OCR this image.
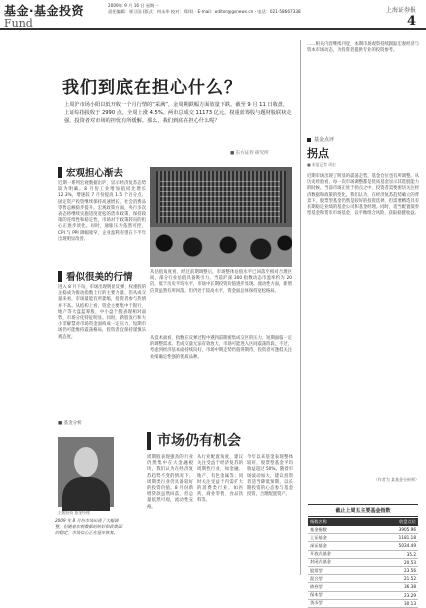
基金·基金投资
Fund
2009年 9 月 16 日 星期一
责任编辑：崔卫国 (版式：何永华 校对：郑玮) · E-mail：editor@gsnews.cn · 电话：021-58667338	上海证券报
4
我们到底在担心什么？
上周沪市场小阳以低开收一个月行情的“采满”，金周期跌幅方面放量下跌。截至 9 月 11 日收盘，上证综指报收于 2990 点，全周上涨 4.5%。两市总成交 11173 亿元，权重蓝筹股与题材股联袂走强，投资者对市场的担忧有所缓解。那么，我们到底在担心什么呢？
■ 东方证券 研究所
宏观担心渐去
近期一系列宏观数据出炉，显示经济复苏态势较为明确。8 月份工业增加值同比增长 12.3%，增速较 7 月份提高 1.5 个百分点；固定资产投资继续保持高速增长，社会消费品零售总额稳步提升。宏观政策方面，央行多次表态将继续实施适度宽松的货币政策，保持政策的连续性和稳定性，市场对于政策转向的担心正逐步淡化。同时，通胀压力依然可控，CPI 与 PPI 降幅收窄，企业盈利有望在下半年出现明显改善。
从估值角度看，经过前期调整后，市场整体估值水平已回落至相对合理区间，部分行业估值具备吸引力。当前沪深 300 指数动态市盈率约为 20 倍，低于历史平均水平，市场中长期投资价值逐步显现。流动性方面，新增信贷虽然有所回落，但仍处于较高水平，资金面总体保持宽松格局。
看似很美的行情
进入 8 月下旬，市场出现明显反弹，权重股的企稳成为推动指数上行的主要力量。但从成交量来看，市场量能有所萎缩，投资者参与热情并不高。从结构上看，资金主要集中于银行、地产等大盘蓝筹股，中小盘个股表现相对弱势，市场分化特征明显。同时，新股发行和大小非解禁对市场资金面构成一定压力，短期市场仍可能维持震荡格局，投资者宜保持谨慎乐观态度。	从技术面看，指数在反弹过程中遇到前期密集成交区的压力，短期面临一定的调整需求。若成交量无法有效放大，市场可能进入区间震荡阶段。不过，考虑到经济基本面持续向好，市场中期走势仍值得期待，投资者可逢低关注业绩确定性强的优质品种。
■ 基金分析
主题投资 基金经理
2009 年 8 月份市场出现了大幅调整，但随着宏观数据的转好和政策面的稳定，市场信心正在逐步恢复。
市场仍有机会
周期股表现强劲的行业仍然集中在大金融板块，我们认为在经济复苏趋势不变的情况下，周期类行业仍具备较好的投资价值。8 月份新增贷款虽然回落，但总量依然可观，流动性充裕。
从行业配置角度，建议关注受益于经济复苏的周期性行业，如金融、地产、有色金属等；同时关注受益于内需扩大的消费类行业，如医药、商业零售、食品饮料等。
今年以来基金表现整体较好，股票型基金平均收益超过 50%。随着市场波动加大，建议投资者适当降低预期，以长期投资的心态参与基金投资，合理配置资产。
……相关内容继续刊登，本期市场观察持续跟踪宏观经济与资本市场动态，为投资者提供专业的投资参考。
基金点评
拐点
■ 本报记者 周宏
近期市场出现了明显的震荡走势，基金仓位也有所调整。从历史经验看，每一次市场调整都是优质基金显示其选股能力的时候。当前市场正处于拐点之中，投资者需要密切关注经济数据和政策的变化。我们认为，在经济复苏趋势确立的背景下，股票型基金仍然是较好的投资选择，但需要精选具有长期稳定业绩的基金公司和基金经理。同时，适当配置债券型基金和货币市场基金，以平衡组合风险，获取稳健收益。
（作者为 某基金分析师）
截止上周五主要基金指数
指数名称	收盘点位
基金指数	3905.96
上证基金	1181.18
深证基金	5034.49
开放式基金	35.2
封闭式基金	20.53
股票型	23.56
混合型	21.52
债券型	36.38
保本型	23.29
货币型	30.13
